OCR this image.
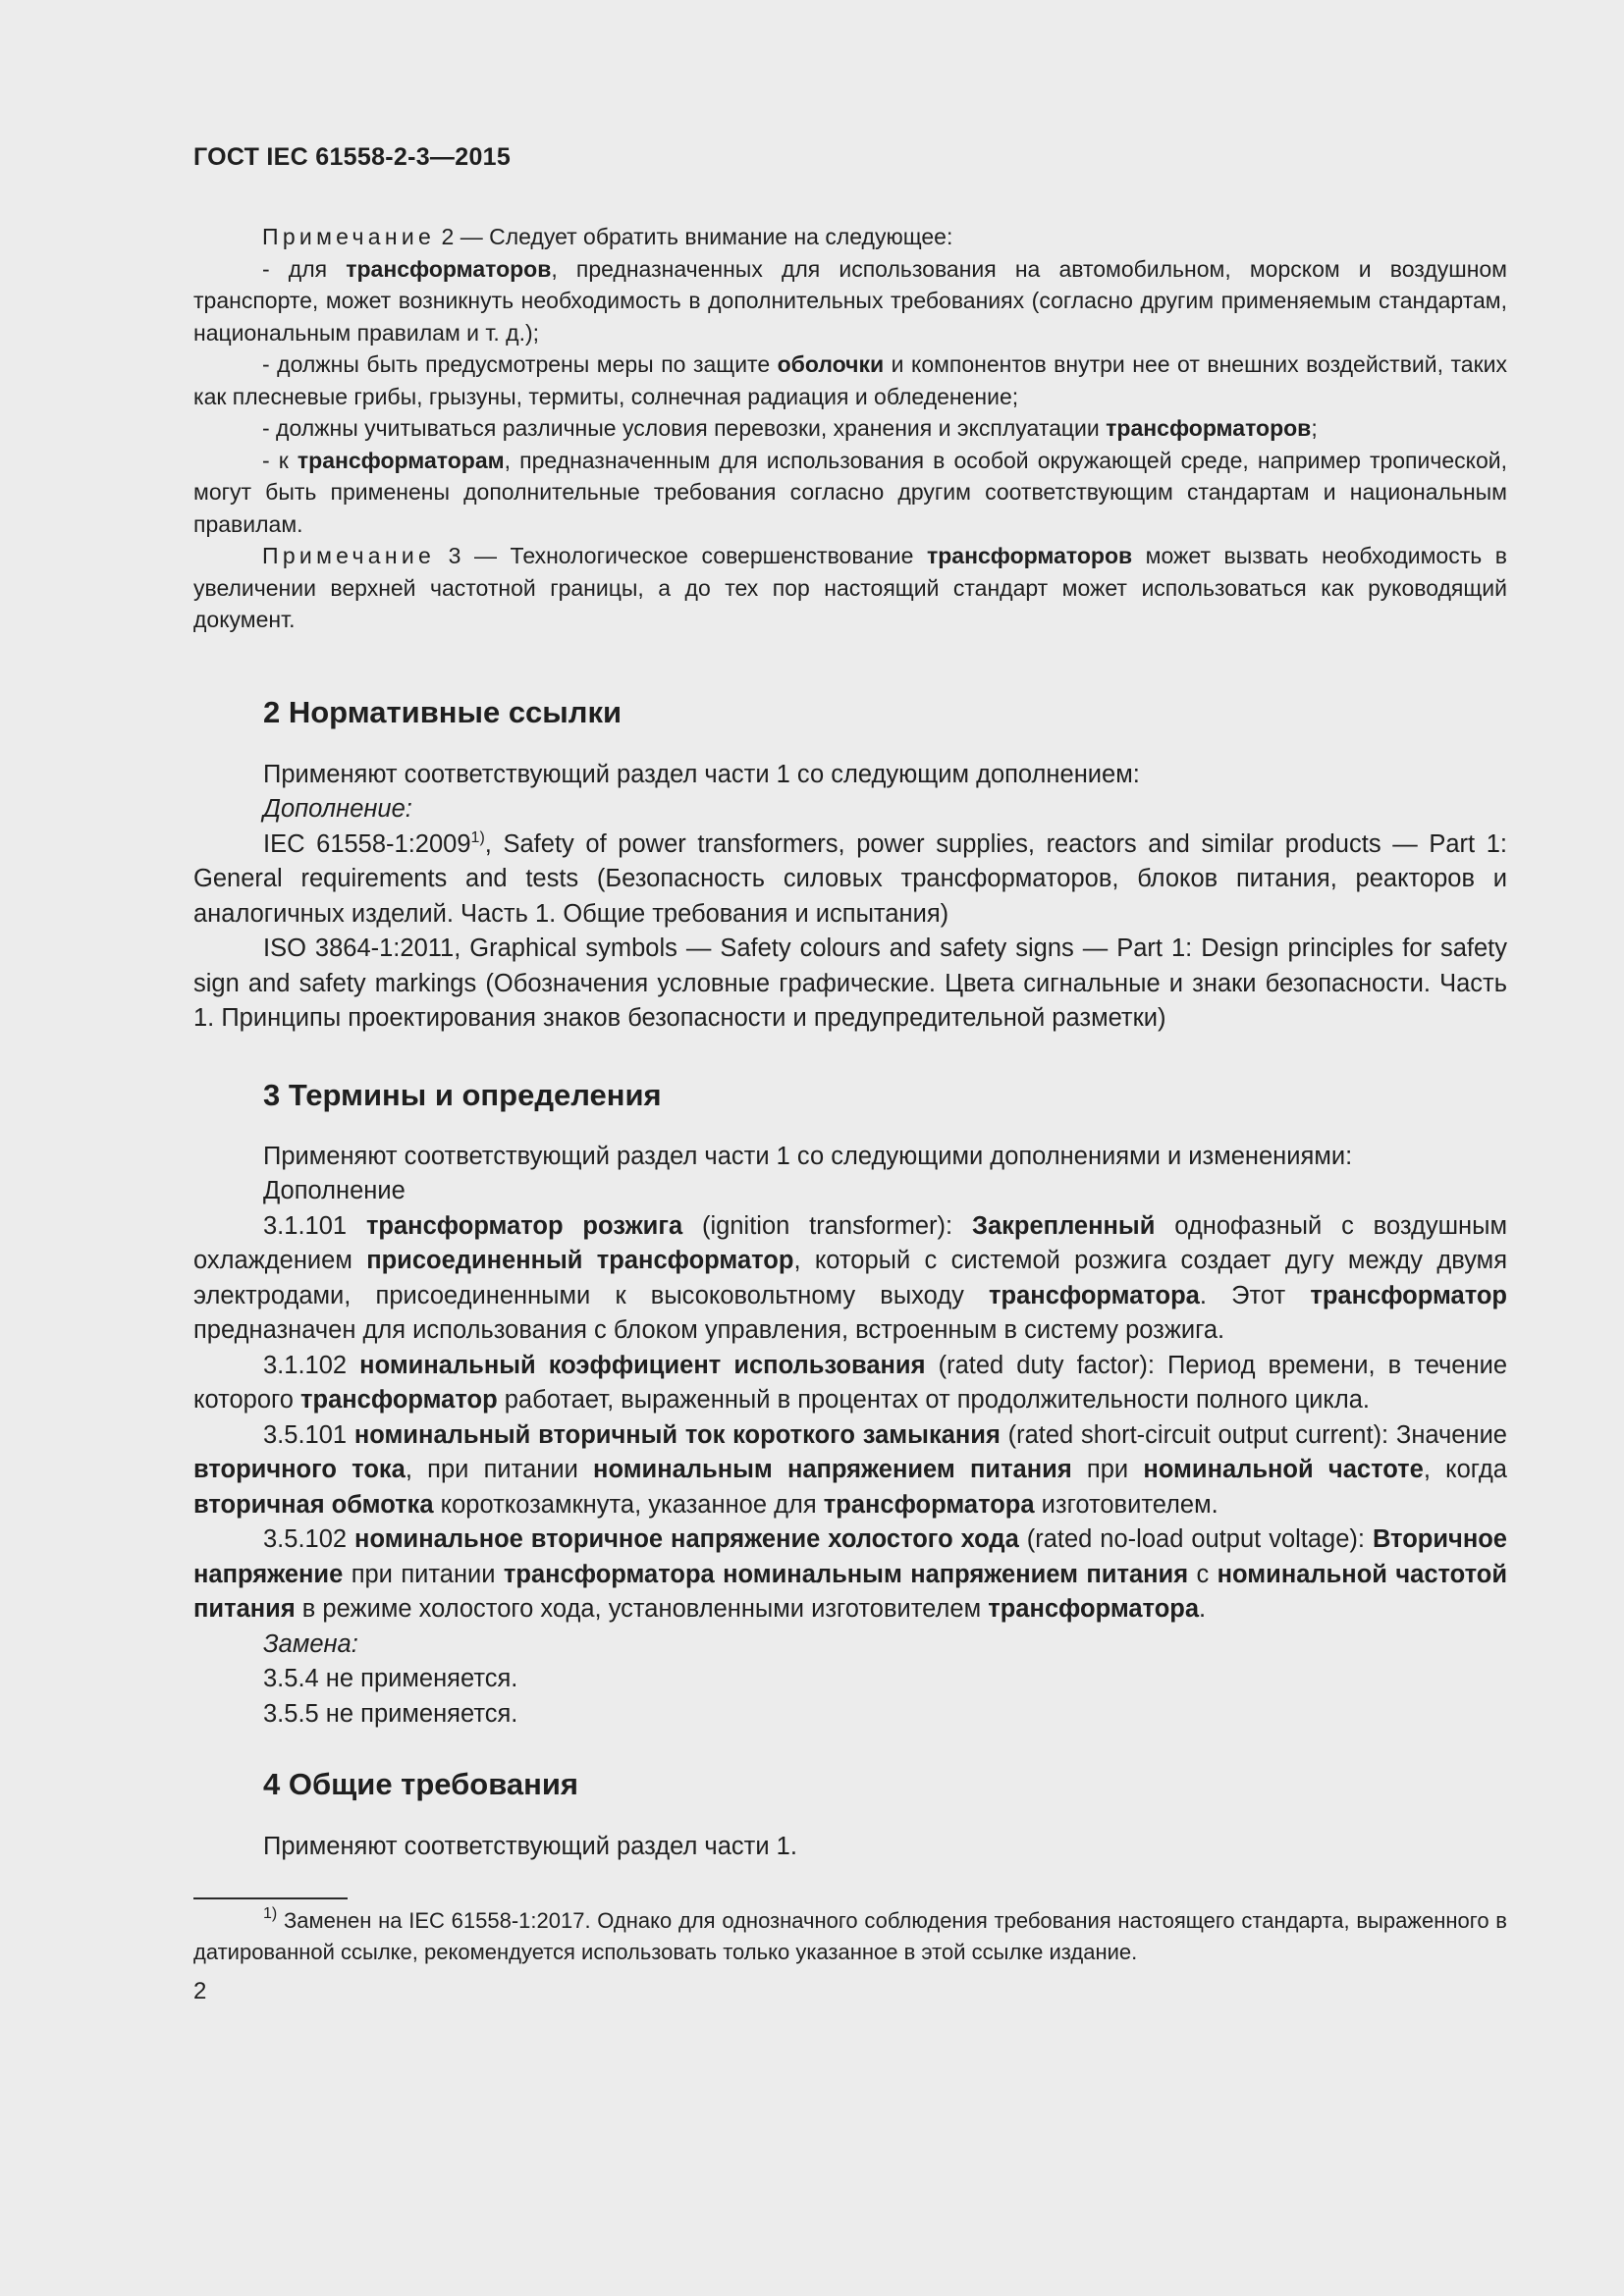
ГОСТ IEC 61558-2-3—2015

Примечание 2 — Следует обратить внимание на следующее:

- для трансформаторов, предназначенных для использования на автомобильном, морском и воздушном транспорте, может возникнуть необходимость в дополнительных требованиях (согласно другим применяемым стандартам, национальным правилам и т. д.);

- должны быть предусмотрены меры по защите оболочки и компонентов внутри нее от внешних воздействий, таких как плесневые грибы, грызуны, термиты, солнечная радиация и обледенение;

- должны учитываться различные условия перевозки, хранения и эксплуатации трансформаторов;

- к трансформаторам, предназначенным для использования в особой окружающей среде, например тропической, могут быть применены дополнительные требования согласно другим соответствующим стандартам и национальным правилам.

Примечание 3 — Технологическое совершенствование трансформаторов может вызвать необходимость в увеличении верхней частотной границы, а до тех пор настоящий стандарт может использоваться как руководящий документ.

2 Нормативные ссылки

Применяют соответствующий раздел части 1 со следующим дополнением:

Дополнение:

IEC 61558-1:2009$^{1)}$, Safety of power transformers, power supplies, reactors and similar products — Part 1: General requirements and tests (Безопасность силовых трансформаторов, блоков питания, реакторов и аналогичных изделий. Часть 1. Общие требования и испытания)

ISO 3864-1:2011, Graphical symbols — Safety colours and safety signs — Part 1: Design principles for safety sign and safety markings (Обозначения условные графические. Цвета сигнальные и знаки безопасности. Часть 1. Принципы проектирования знаков безопасности и предупредительной разметки)

3 Термины и определения

Применяют соответствующий раздел части 1 со следующими дополнениями и изменениями:

Дополнение

3.1.101 трансформатор розжига (ignition transformer): Закрепленный однофазный с воздушным охлаждением присоединенный трансформатор, который с системой розжига создает дугу между двумя электродами, присоединенными к высоковольтному выходу трансформатора. Этот трансформатор предназначен для использования с блоком управления, встроенным в систему розжига.

3.1.102 номинальный коэффициент использования (rated duty factor): Период времени, в течение которого трансформатор работает, выраженный в процентах от продолжительности полного цикла.

3.5.101 номинальный вторичный ток короткого замыкания (rated short-circuit output current): Значение вторичного тока, при питании номинальным напряжением питания при номинальной частоте, когда вторичная обмотка короткозамкнута, указанное для трансформатора изготовителем.

3.5.102 номинальное вторичное напряжение холостого хода (rated no-load output voltage): Вторичное напряжение при питании трансформатора номинальным напряжением питания с номинальной частотой питания в режиме холостого хода, установленными изготовителем трансформатора.

Замена:

3.5.4 не применяется.

3.5.5 не применяется.

4 Общие требования

Применяют соответствующий раздел части 1.

$^{1)}$ Заменен на IEC 61558-1:2017. Однако для однозначного соблюдения требования настоящего стандарта, выраженного в датированной ссылке, рекомендуется использовать только указанное в этой ссылке издание.

2
